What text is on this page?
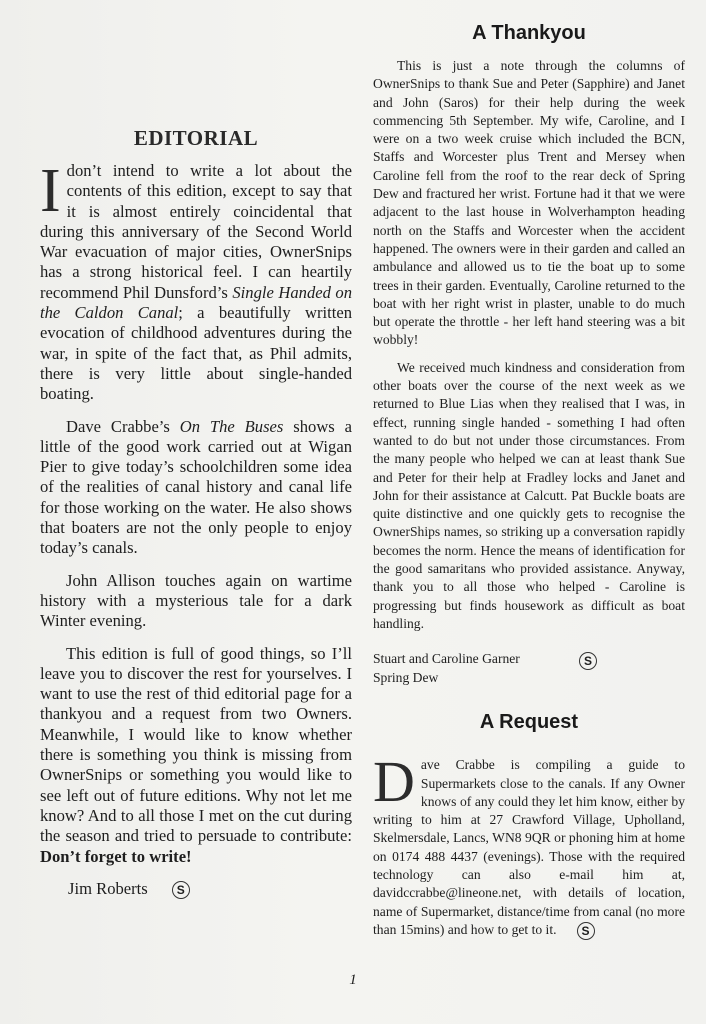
EDITORIAL

I don’t intend to write a lot about the contents of this edition, except to say that it is almost entirely coincidental that during this anniversary of the Second World War evacuation of major cities, OwnerSnips has a strong historical feel. I can heartily recommend Phil Dunsford’s Single Handed on the Caldon Canal; a beautifully written evocation of childhood adventures during the war, in spite of the fact that, as Phil admits, there is very little about single-handed boating.

Dave Crabbe’s On The Buses shows a little of the good work carried out at Wigan Pier to give today’s schoolchildren some idea of the realities of canal history and canal life for those working on the water. He also shows that boaters are not the only people to enjoy today’s canals.

John Allison touches again on wartime history with a mysterious tale for a dark Winter evening.

This edition is full of good things, so I’ll leave you to discover the rest for yourselves. I want to use the rest of thid editorial page for a thankyou and a request from two Owners. Meanwhile, I would like to know whether there is something you think is missing from OwnerSnips or something you would like to see left out of future editions. Why not let me know? And to all those I met on the cut during the season and tried to persuade to contribute: Don’t forget to write!

Jim Roberts S
A Thankyou

This is just a note through the columns of OwnerSnips to thank Sue and Peter (Sapphire) and Janet and John (Saros) for their help during the week commencing 5th September. My wife, Caroline, and I were on a two week cruise which included the BCN, Staffs and Worcester plus Trent and Mersey when Caroline fell from the roof to the rear deck of Spring Dew and fractured her wrist. Fortune had it that we were adjacent to the last house in Wolverhampton heading north on the Staffs and Worcester when the accident happened. The owners were in their garden and called an ambulance and allowed us to tie the boat up to some trees in their garden. Eventually, Caroline returned to the boat with her right wrist in plaster, unable to do much but operate the throttle - her left hand steering was a bit wobbly!

We received much kindness and consideration from other boats over the course of the next week as we returned to Blue Lias when they realised that I was, in effect, running single handed - something I had often wanted to do but not under those circumstances. From the many people who helped we can at least thank Sue and Peter for their help at Fradley locks and Janet and John for their assistance at Calcutt. Pat Buckle boats are quite distinctive and one quickly gets to recognise the OwnerShips names, so striking up a conversation rapidly becomes the norm. Hence the means of identification for the good samaritans who provided assistance. Anyway, thank you to all those who helped - Caroline is progressing but finds housework as difficult as boat handling.

Stuart and Caroline Garner
Spring Dew
S
A Request

Dave Crabbe is compiling a guide to Supermarkets close to the canals. If any Owner knows of any could they let him know, either by writing to him at 27 Crawford Village, Upholland, Skelmersdale, Lancs, WN8 9QR or phoning him at home on 0174 488 4437 (evenings). Those with the required technology can also e-mail him at, davidccrabbe@lineone.net, with details of location, name of Supermarket, distance/time from canal (no more than 15mins) and how to get to it. S

1
